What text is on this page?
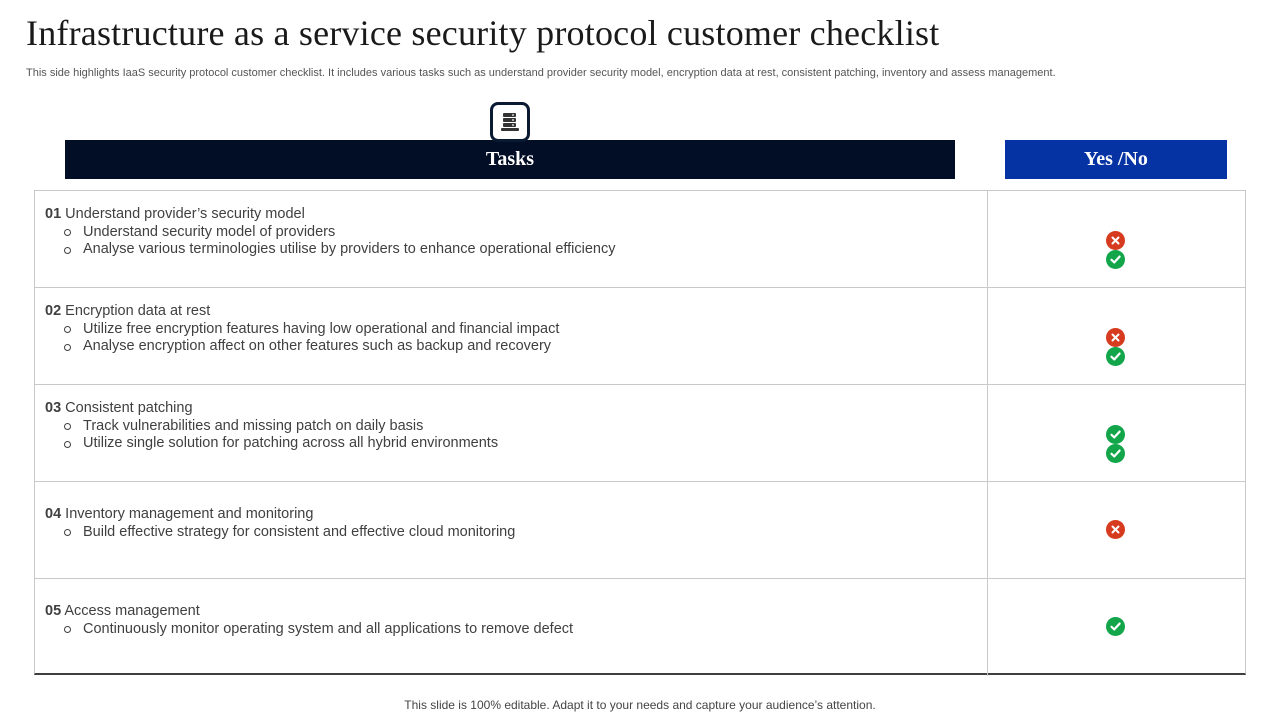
Infrastructure as a service security protocol customer checklist
This side highlights IaaS security protocol customer checklist. It includes various tasks such as understand provider security model, encryption data at rest, consistent patching, inventory and assess management.
Tasks	Yes /No
01 Understand provider’s security model
Understand security model of providers
Analyse various terminologies utilise by providers to enhance operational efficiency
02 Encryption data at rest
Utilize free encryption features having low operational and financial impact
Analyse encryption affect on other features such as backup and recovery
03 Consistent patching
Track vulnerabilities and missing patch on daily basis
Utilize single solution for patching across all hybrid environments
04 Inventory management and monitoring
Build effective strategy for consistent and effective cloud monitoring
05 Access management
Continuously monitor operating system and all applications to remove defect
This slide is 100% editable. Adapt it to your needs and capture your audience’s attention.
